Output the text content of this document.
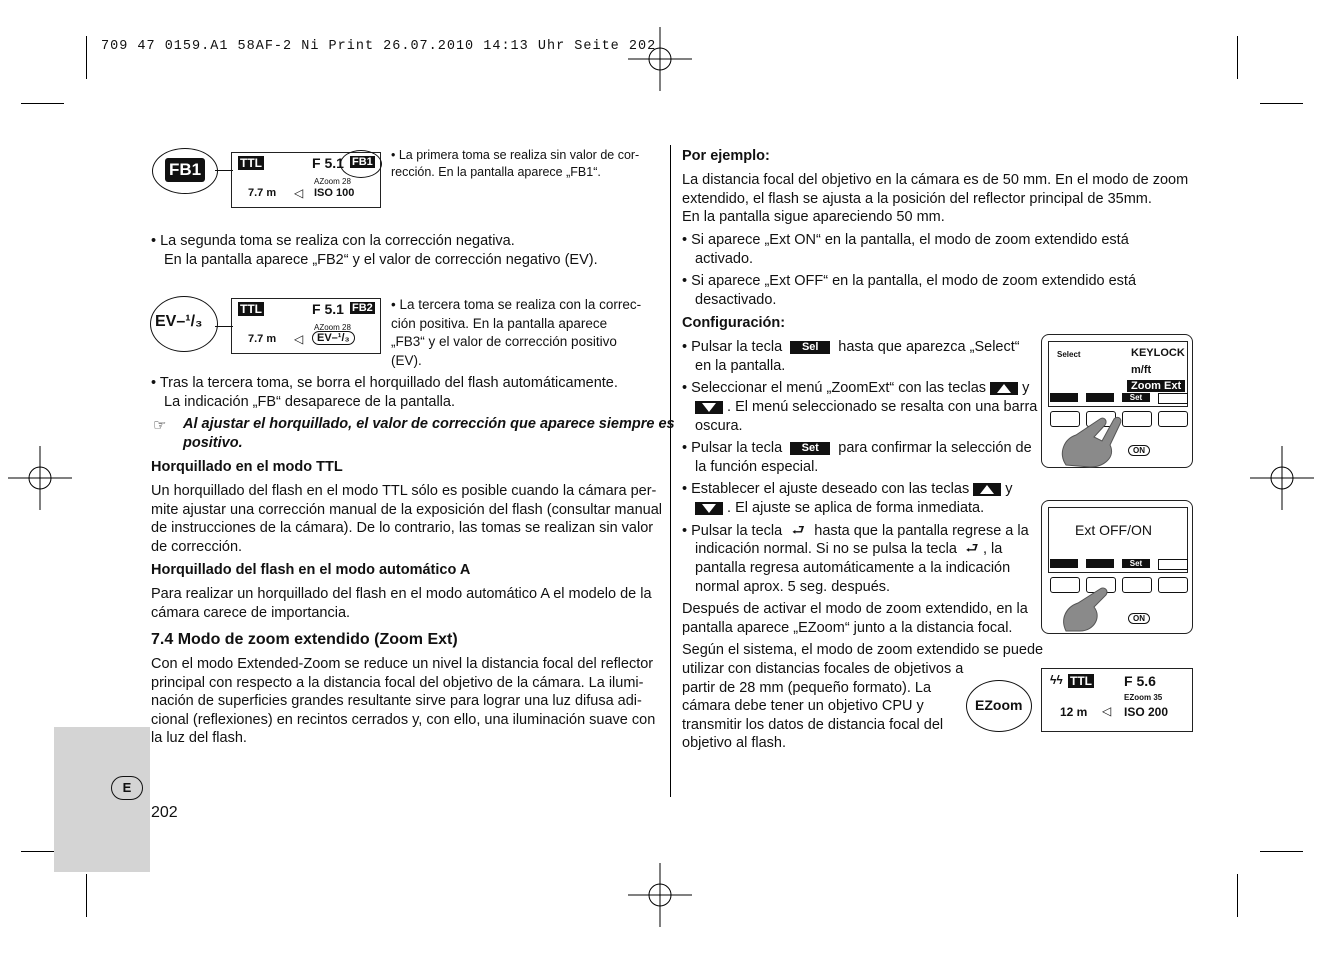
709 47 0159.A1 58AF-2 Ni Print 26.07.2010 14:13 Uhr Seite 202
E
202
FB1	TTL	F 5.1 FB1
AZoom 28
7.7 m ◁ ISO 100
• La primera toma se realiza sin valor de cor-
rección. En la pantalla aparece „FB1“.
• La segunda toma se realiza con la corrección negativa.
En la pantalla aparece „FB2“ y el valor de corrección negativo (EV).
EV–¹/₃
TTL	F 5.1 FB2
AZoom 28
7.7 m ◁	EV–¹/₃
• La tercera toma se realiza con la correc-
ción positiva. En la pantalla aparece
„FB3“ y el valor de corrección positivo
(EV).
• Tras la tercera toma, se borra el horquillado del flash automáticamente.
La indicación „FB“ desaparece de la pantalla.
☞ Al ajustar el horquillado, el valor de corrección que aparece siempre es
positivo.
Horquillado en el modo TTL
Un horquillado del flash en el modo TTL sólo es posible cuando la cámara per-
mite ajustar una corrección manual de la exposición del flash (consultar manual
de instrucciones de la cámara). De lo contrario, las tomas se realizan sin valor
de corrección.
Horquillado del flash en el modo automático A
Para realizar un horquillado del flash en el modo automático A el modelo de la
cámara carece de importancia.
7.4 Modo de zoom extendido (Zoom Ext)
Con el modo Extended-Zoom se reduce un nivel la distancia focal del reflector
principal con respecto a la distancia focal del objetivo de la cámara. La ilumi-
nación de superficies grandes resultante sirve para lograr una luz difusa adi-
cional (reflexiones) en recintos cerrados y, con ello, una iluminación suave con
la luz del flash.
Por ejemplo:
La distancia focal del objetivo en la cámara es de 50 mm. En el modo de zoom
extendido, el flash se ajusta a la posición del reflector principal de 35mm.
En la pantalla sigue apareciendo 50 mm.
• Si aparece „Ext ON“ en la pantalla, el modo de zoom extendido está
activado.
• Si aparece „Ext OFF“ en la pantalla, el modo de zoom extendido está
desactivado.
Configuración:
• Pulsar la tecla Sel hasta que aparezca „Select“
en la pantalla.
• Seleccionar el menú „ZoomExt“ con las teclas y
. El menú seleccionado se resalta con una barra
oscura.
• Pulsar la tecla Set para confirmar la selección de
la función especial.
• Establecer el ajuste deseado con las teclas y
. El ajuste se aplica de forma inmediata.
• Pulsar la tecla ⮐ hasta que la pantalla regrese a la
indicación normal. Si no se pulsa la tecla ⮐ , la
pantalla regresa automáticamente a la indicación
normal aprox. 5 seg. después.
Después de activar el modo de zoom extendido, en la
pantalla aparece „EZoom“ junto a la distancia focal.
Según el sistema, el modo de zoom extendido se puede
utilizar con distancias focales de objetivos a
partir de 28 mm (pequeño formato). La
cámara debe tener un objetivo CPU y
transmitir los datos de distancia focal del
objetivo al flash.
Select	KEYLOCK
m/ft
Zoom Ext
Set
ON
Ext OFF/ON
Set
ON
EZoom
ϟϟ TTL F 5.6
EZoom 35
12 m ◁ ISO 200
